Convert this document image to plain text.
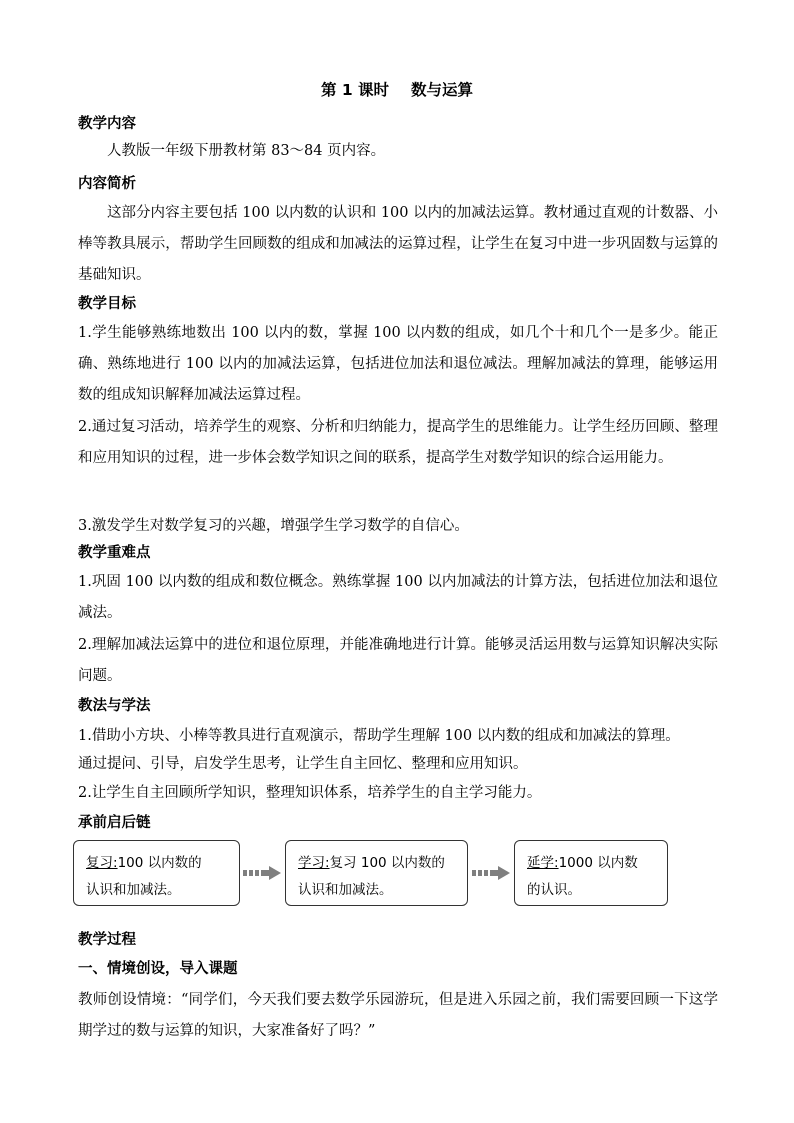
第 1 课时 数与运算
教学内容
人教版一年级下册教材第 83～84 页内容。
内容简析
这部分内容主要包括 100 以内数的认识和 100 以内的加减法运算。教材通过直观的计数器、小棒等教具展示，帮助学生回顾数的组成和加减法的运算过程，让学生在复习中进一步巩固数与运算的基础知识。
教学目标
1.学生能够熟练地数出 100 以内的数，掌握 100 以内数的组成，如几个十和几个一是多少。能正确、熟练地进行 100 以内的加减法运算，包括进位加法和退位减法。理解加减法的算理，能够运用数的组成知识解释加减法运算过程。
2.通过复习活动，培养学生的观察、分析和归纳能力，提高学生的思维能力。让学生经历回顾、整理和应用知识的过程，进一步体会数学知识之间的联系，提高学生对数学知识的综合运用能力。
3.激发学生对数学复习的兴趣，增强学生学习数学的自信心。
教学重难点
1.巩固 100 以内数的组成和数位概念。熟练掌握 100 以内加减法的计算方法，包括进位加法和退位减法。
2.理解加减法运算中的进位和退位原理，并能准确地进行计算。能够灵活运用数与运算知识解决实际问题。
教法与学法
1.借助小方块、小棒等教具进行直观演示，帮助学生理解 100 以内数的组成和加减法的算理。
通过提问、引导，启发学生思考，让学生自主回忆、整理和应用知识。
2.让学生自主回顾所学知识，整理知识体系，培养学生的自主学习能力。
承前启后链
复习:100 以内数的
认识和加减法。
学习:复习 100 以内数的
认识和加减法。
延学:1000 以内数
的认识。
教学过程
一、情境创设，导入课题
教师创设情境：“同学们，今天我们要去数学乐园游玩，但是进入乐园之前，我们需要回顾一下这学期学过的数与运算的知识，大家准备好了吗？”
